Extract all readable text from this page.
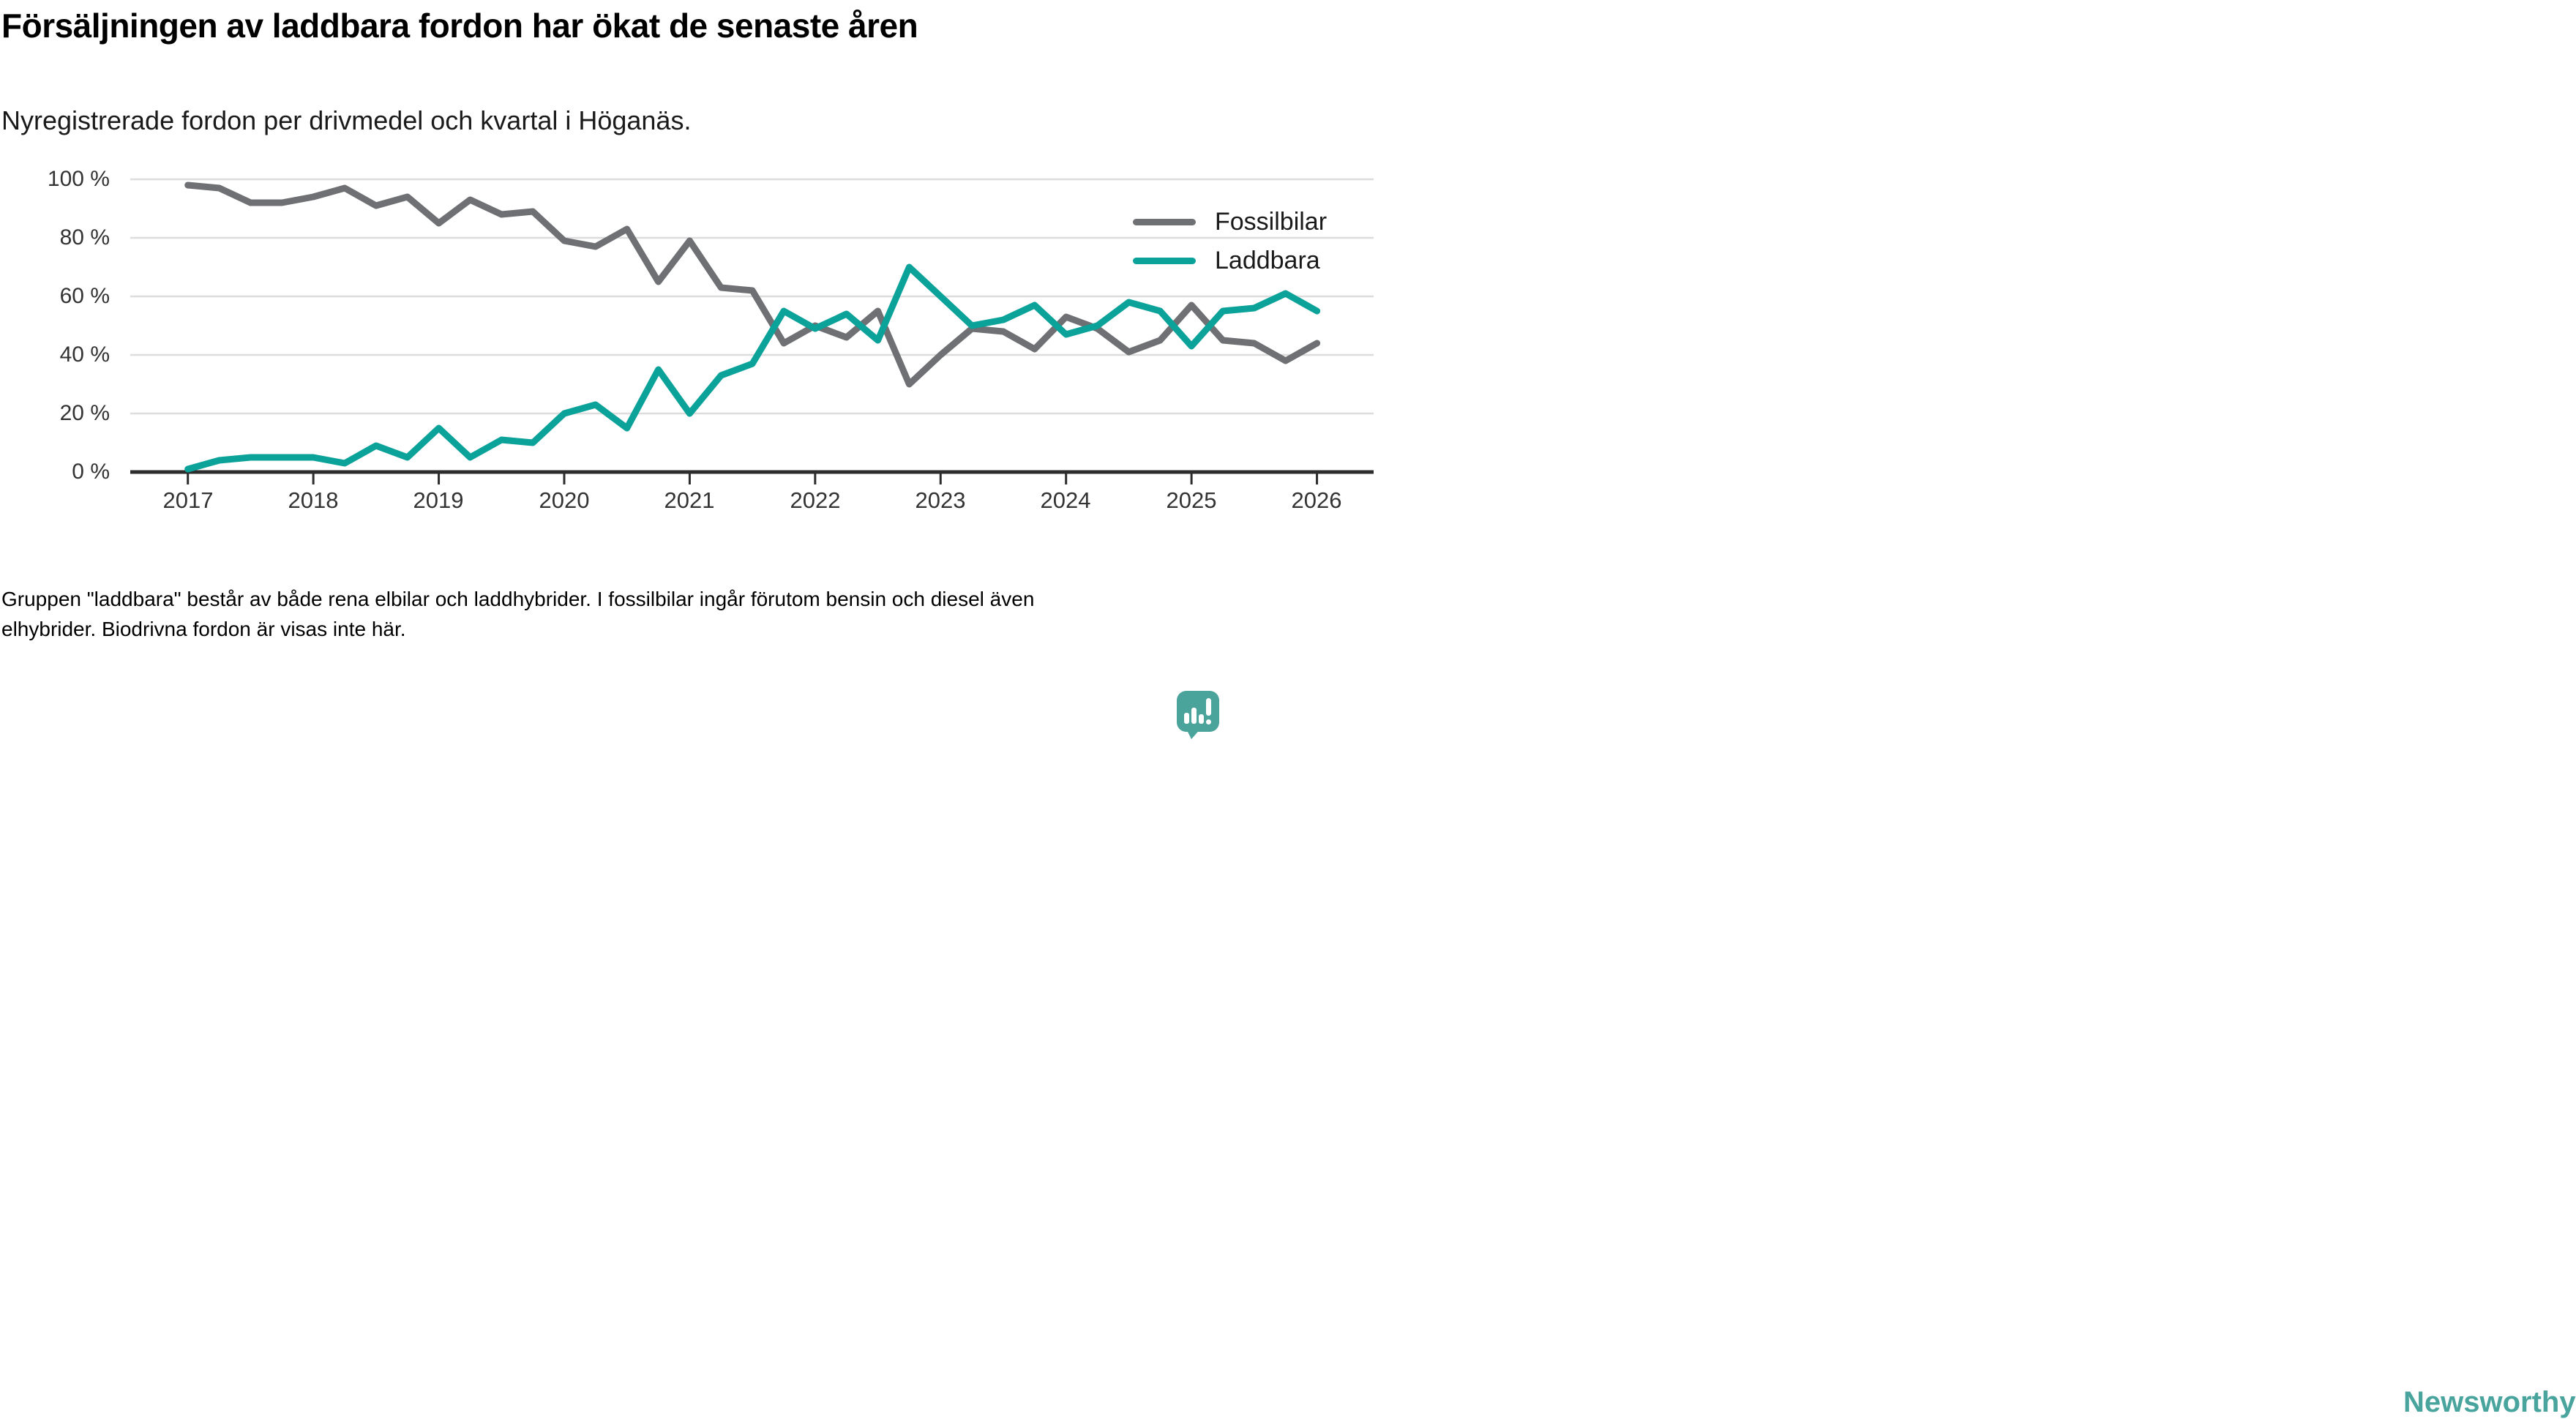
Försäljningen av laddbara fordon har ökat de senaste åren
Nyregistrerade fordon per drivmedel och kvartal i Höganäs.
100 %
80 %
60 %
40 %
20 %
0 %
2017	2018	2019	2020	2021	2022	2023	2024	2025	2026
Fossilbilar
Laddbara
Gruppen "laddbara" består av både rena elbilar och laddhybrider. I fossilbilar ingår förutom bensin och diesel även elhybrider. Biodrivna fordon är visas inte här.
Newsworthy
